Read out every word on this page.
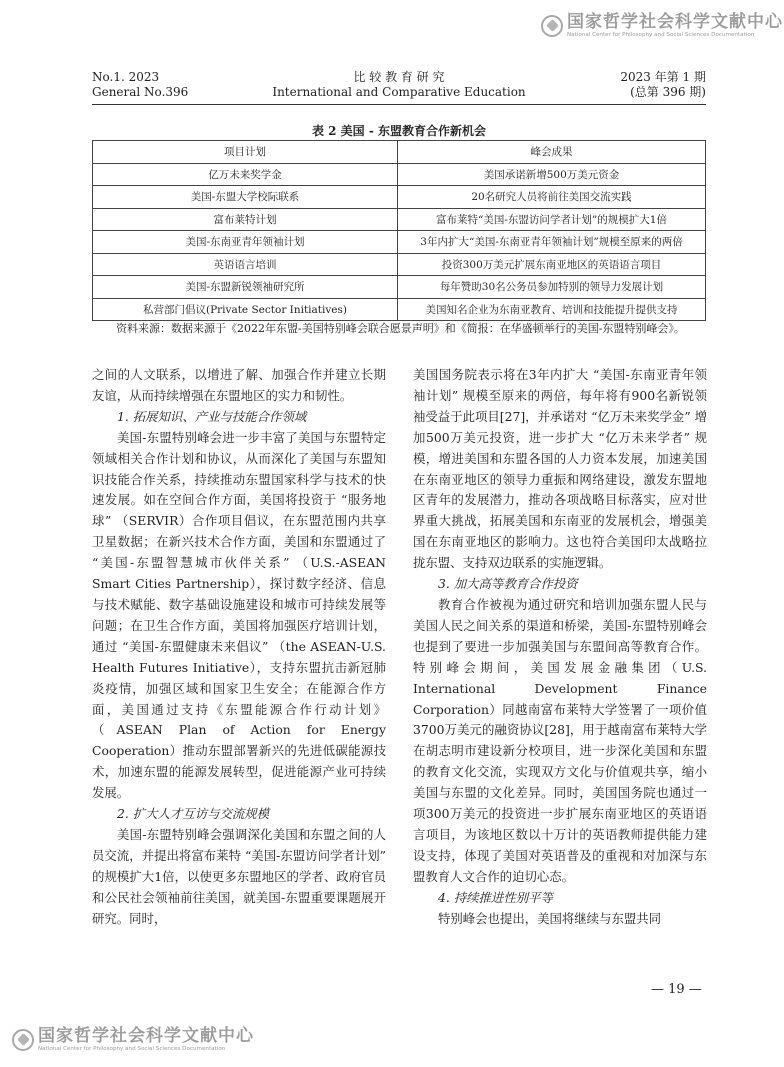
国家哲学社会科学文献中心
National Center for Philosophy and Social Sciences Documentation
No.1. 2023
General No.396
比 较 教 育 研 究
International and Comparative Education
2023 年第 1 期
(总第 396 期)
表 2 美国 - 东盟教育合作新机会
项目计划	峰会成果
亿万未来奖学金	美国承诺新增500万美元资金
美国-东盟大学校际联系	20名研究人员将前往美国交流实践
富布莱特计划	富布莱特“美国-东盟访问学者计划”的规模扩大1倍
美国-东南亚青年领袖计划	3年内扩大“美国-东南亚青年领袖计划”规模至原来的两倍
英语语言培训	投资300万美元扩展东南亚地区的英语语言项目
美国-东盟新锐领袖研究所	每年赞助30名公务员参加特别的领导力发展计划
私营部门倡议(Private Sector Initiatives)	美国知名企业为东南亚教育、培训和技能提升提供支持
资料来源：数据来源于《2022年东盟-美国特别峰会联合愿景声明》和《简报：在华盛顿举行的美国-东盟特别峰会》。

之间的人文联系，以增进了解、加强合作并建立长期友谊，从而持续增强在东盟地区的实力和韧性。

1. 拓展知识、产业与技能合作领域

美国-东盟特别峰会进一步丰富了美国与东盟特定领域相关合作计划和协议，从而深化了美国与东盟知识技能合作关系，持续推动东盟国家科学与技术的快速发展。如在空间合作方面，美国将投资于 “服务地球” （SERVIR）合作项目倡议，在东盟范围内共享卫星数据；在新兴技术合作方面，美国和东盟通过了 “美国-东盟智慧城市伙伴关系” （U.S.-ASEAN Smart Cities Partnership），探讨数字经济、信息与技术赋能、数字基础设施建设和城市可持续发展等问题；在卫生合作方面，美国将加强医疗培训计划，通过 “美国-东盟健康未来倡议” （the ASEAN-U.S. Health Futures Initiative），支持东盟抗击新冠肺炎疫情，加强区域和国家卫生安全；在能源合作方面，美国通过支持《东盟能源合作行动计划》（ASEAN Plan of Action for Energy Cooperation）推动东盟部署新兴的先进低碳能源技术，加速东盟的能源发展转型，促进能源产业可持续发展。

2. 扩大人才互访与交流规模

美国-东盟特别峰会强调深化美国和东盟之间的人员交流，并提出将富布莱特 “美国-东盟访问学者计划” 的规模扩大1倍，以使更多东盟地区的学者、政府官员和公民社会领袖前往美国，就美国-东盟重要课题展开研究。同时，

美国国务院表示将在3年内扩大 “美国-东南亚青年领袖计划” 规模至原来的两倍，每年将有900名新锐领袖受益于此项目[27]，并承诺对 “亿万未来奖学金” 增加500万美元投资，进一步扩大 “亿万未来学者” 规模，增进美国和东盟各国的人力资本发展，加速美国在东南亚地区的领导力重振和网络建设，激发东盟地区青年的发展潜力，推动各项战略目标落实，应对世界重大挑战，拓展美国和东南亚的发展机会，增强美国在东南亚地区的影响力。这也符合美国印太战略拉拢东盟、支持双边联系的实施逻辑。

3. 加大高等教育合作投资

教育合作被视为通过研究和培训加强东盟人民与美国人民之间关系的渠道和桥梁，美国-东盟特别峰会也提到了要进一步加强美国与东盟间高等教育合作。特别峰会期间，美国发展金融集团（U.S. International Development Finance Corporation）同越南富布莱特大学签署了一项价值3700万美元的融资协议[28]，用于越南富布莱特大学在胡志明市建设新分校项目，进一步深化美国和东盟的教育文化交流，实现双方文化与价值观共享，缩小美国与东盟的文化差异。同时，美国国务院也通过一项300万美元的投资进一步扩展东南亚地区的英语语言项目，为该地区数以十万计的英语教师提供能力建设支持，体现了美国对英语普及的重视和对加深与东盟教育人文合作的迫切心态。

4. 持续推进性别平等

特别峰会也提出，美国将继续与东盟共同

— 19 —
国家哲学社会科学文献中心
National Center for Philosophy and Social Sciences Documentation
